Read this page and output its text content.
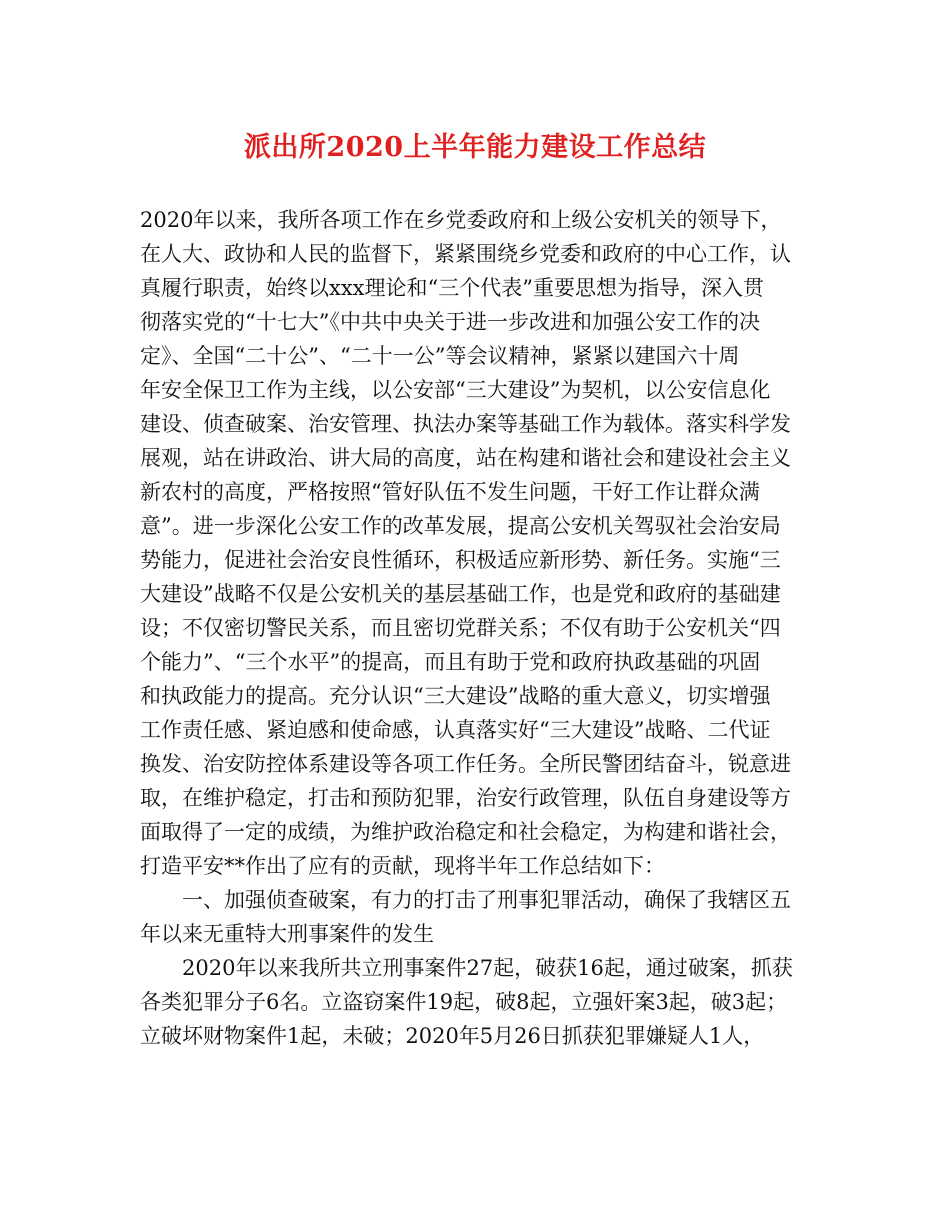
派出所2020上半年能力建设工作总结
2020年以来，我所各项工作在乡党委政府和上级公安机关的领导下，
在人大、政协和人民的监督下，紧紧围绕乡党委和政府的中心工作，认
真履行职责，始终以xxx理论和“三个代表”重要思想为指导，深入贯
彻落实党的“十七大”《中共中央关于进一步改进和加强公安工作的决
定》、全国“二十公”、“二十一公”等会议精神，紧紧以建国六十周
年安全保卫工作为主线，以公安部“三大建设”为契机，以公安信息化
建设、侦查破案、治安管理、执法办案等基础工作为载体。落实科学发
展观，站在讲政治、讲大局的高度，站在构建和谐社会和建设社会主义
新农村的高度，严格按照“管好队伍不发生问题，干好工作让群众满
意”。进一步深化公安工作的改革发展，提高公安机关驾驭社会治安局
势能力，促进社会治安良性循环，积极适应新形势、新任务。实施“三
大建设”战略不仅是公安机关的基层基础工作，也是党和政府的基础建
设；不仅密切警民关系，而且密切党群关系；不仅有助于公安机关“四
个能力”、“三个水平”的提高，而且有助于党和政府执政基础的巩固
和执政能力的提高。充分认识“三大建设”战略的重大意义，切实增强
工作责任感、紧迫感和使命感，认真落实好“三大建设”战略、二代证
换发、治安防控体系建设等各项工作任务。全所民警团结奋斗，锐意进
取，在维护稳定，打击和预防犯罪，治安行政管理，队伍自身建设等方
面取得了一定的成绩，为维护政治稳定和社会稳定，为构建和谐社会，
打造平安**作出了应有的贡献，现将半年工作总结如下：
一、加强侦查破案，有力的打击了刑事犯罪活动，确保了我辖区五
年以来无重特大刑事案件的发生
2020年以来我所共立刑事案件27起，破获16起，通过破案，抓获
各类犯罪分子6名。立盗窃案件19起，破8起，立强奸案3起，破3起；
立破坏财物案件1起，未破；2020年5月26日抓获犯罪嫌疑人1人，
